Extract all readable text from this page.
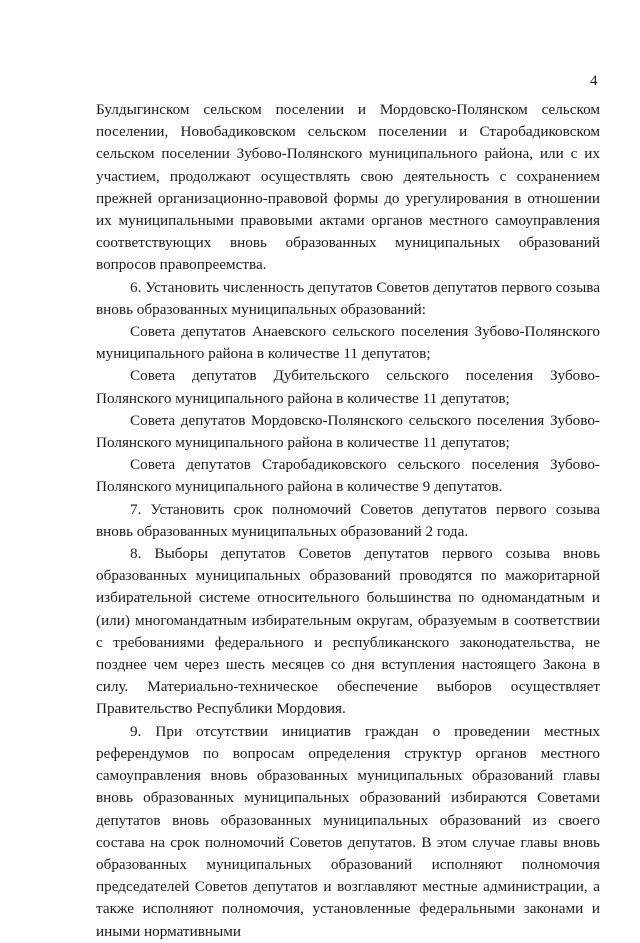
4

Булдыгинском сельском поселении и Мордовско-Полянском сельском поселении, Новобадиковском сельском поселении и Старобадиковском сельском поселении Зубово-Полянского муниципального района, или с их участием, продолжают осуществлять свою деятельность с сохранением прежней организационно-правовой формы до урегулирования в отношении их муниципальными правовыми актами органов местного самоуправления соответствующих вновь образованных муниципальных образований вопросов правопреемства.

6. Установить численность депутатов Советов депутатов первого созыва вновь образованных муниципальных образований:

Совета депутатов Анаевского сельского поселения Зубово-Полянского муниципального района в количестве 11 депутатов;

Совета депутатов Дубительского сельского поселения Зубово-Полянского муниципального района в количестве 11 депутатов;

Совета депутатов Мордовско-Полянского сельского поселения Зубово-Полянского муниципального района в количестве 11 депутатов;

Совета депутатов Старобадиковского сельского поселения Зубово-Полянского муниципального района в количестве 9 депутатов.

7. Установить срок полномочий Советов депутатов первого созыва вновь образованных муниципальных образований 2 года.

8. Выборы депутатов Советов депутатов первого созыва вновь образованных муниципальных образований проводятся по мажоритарной избирательной системе относительного большинства по одномандатным и (или) многомандатным избирательным округам, образуемым в соответствии с требованиями федерального и республиканского законодательства, не позднее чем через шесть месяцев со дня вступления настоящего Закона в силу. Материально-техническое обеспечение выборов осуществляет Правительство Республики Мордовия.

9. При отсутствии инициатив граждан о проведении местных референдумов по вопросам определения структур органов местного самоуправления вновь образованных муниципальных образований главы вновь образованных муниципальных образований избираются Советами депутатов вновь образованных муниципальных образований из своего состава на срок полномочий Советов депутатов. В этом случае главы вновь образованных муниципальных образований исполняют полномочия председателей Советов депутатов и возглавляют местные администрации, а также исполняют полномочия, установленные федеральными законами и иными нормативными
